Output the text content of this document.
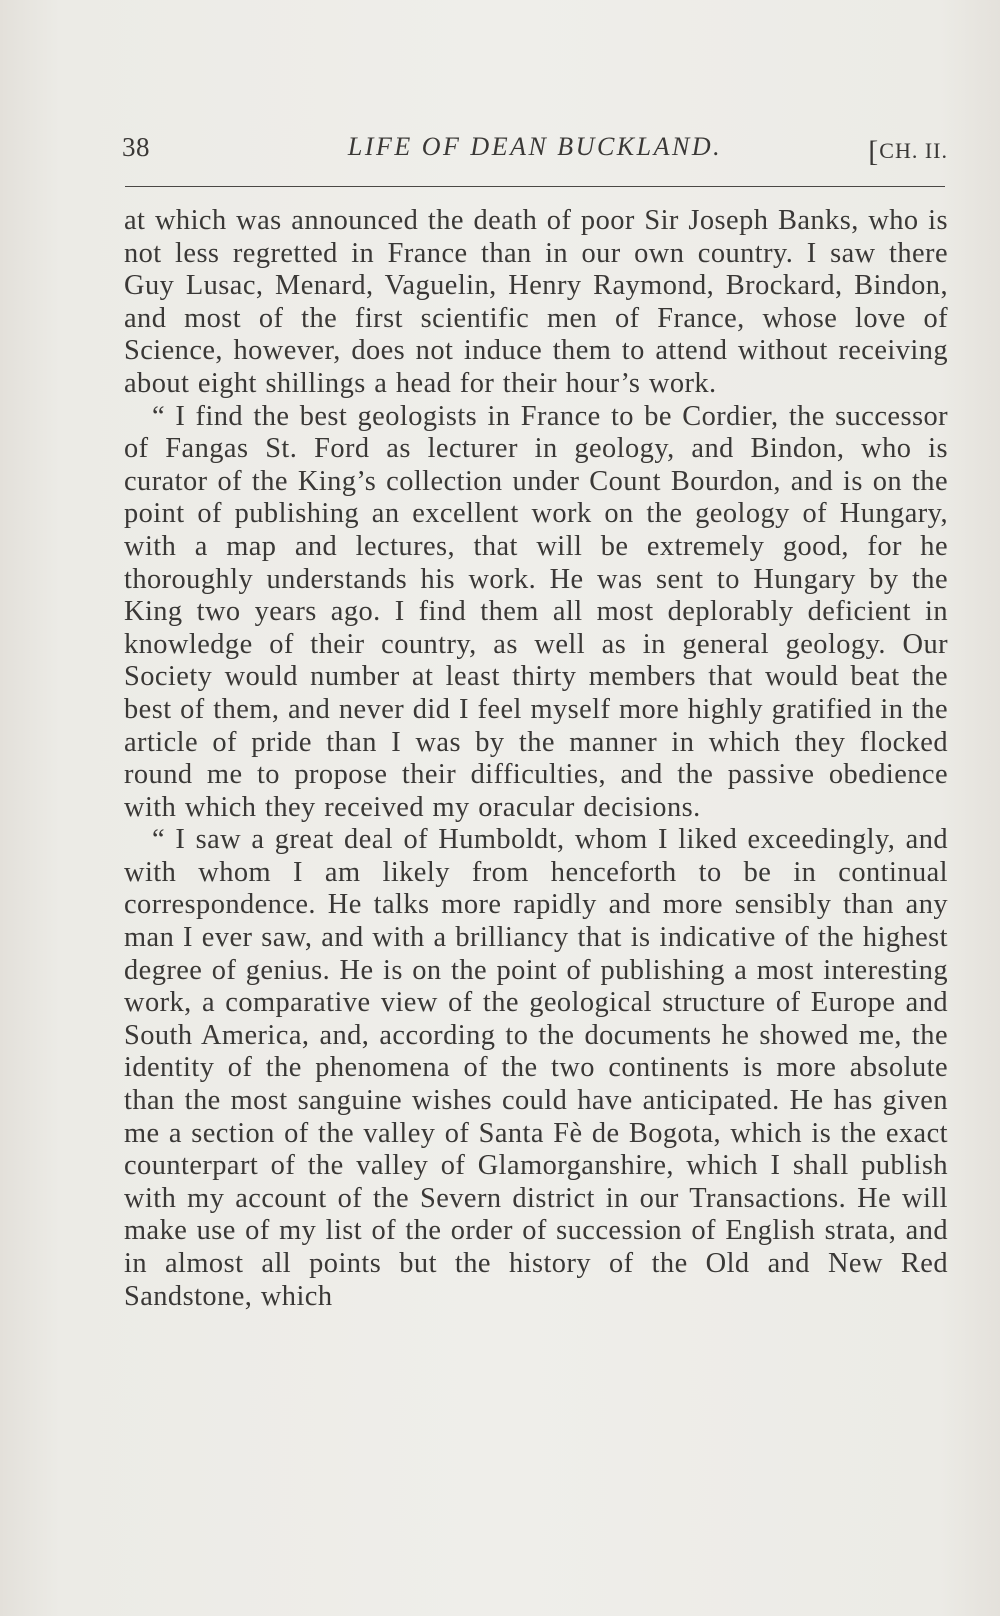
38	LIFE OF DEAN BUCKLAND.	[CH. II.

at which was announced the death of poor Sir Joseph Banks, who is not less regretted in France than in our own country. I saw there Guy Lusac, Menard, Vaguelin, Henry Raymond, Brockard, Bindon, and most of the first scientific men of France, whose love of Science, however, does not induce them to attend without receiving about eight shillings a head for their hour’s work.

“ I find the best geologists in France to be Cordier, the successor of Fangas St. Ford as lecturer in geology, and Bindon, who is curator of the King’s collection under Count Bourdon, and is on the point of publishing an excellent work on the geology of Hungary, with a map and lectures, that will be extremely good, for he thoroughly understands his work. He was sent to Hungary by the King two years ago. I find them all most deplorably deficient in knowledge of their country, as well as in general geology. Our Society would number at least thirty members that would beat the best of them, and never did I feel myself more highly gratified in the article of pride than I was by the manner in which they flocked round me to propose their difficulties, and the passive obedience with which they received my oracular decisions.

“ I saw a great deal of Humboldt, whom I liked exceedingly, and with whom I am likely from henceforth to be in continual correspondence. He talks more rapidly and more sensibly than any man I ever saw, and with a brilliancy that is indicative of the highest degree of genius. He is on the point of publishing a most interesting work, a comparative view of the geological structure of Europe and South America, and, according to the documents he showed me, the identity of the phenomena of the two continents is more absolute than the most sanguine wishes could have anticipated. He has given me a section of the valley of Santa Fè de Bogota, which is the exact counterpart of the valley of Glamorganshire, which I shall publish with my account of the Severn district in our Transactions. He will make use of my list of the order of succession of English strata, and in almost all points but the history of the Old and New Red Sandstone, which
